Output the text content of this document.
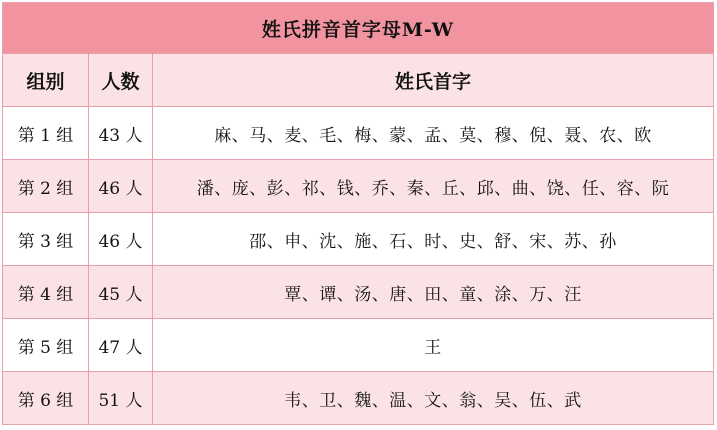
姓氏拼音首字母M-W		
组别	人数	姓氏首字
第 1 组	43 人	麻、马、麦、毛、梅、蒙、孟、莫、穆、倪、聂、农、欧
第 2 组	46 人	潘、庞、彭、祁、钱、乔、秦、丘、邱、曲、饶、任、容、阮
第 3 组	46 人	邵、申、沈、施、石、时、史、舒、宋、苏、孙
第 4 组	45 人	覃、谭、汤、唐、田、童、涂、万、汪
第 5 组	47 人	王
第 6 组	51 人	韦、卫、魏、温、文、翁、吴、伍、武
